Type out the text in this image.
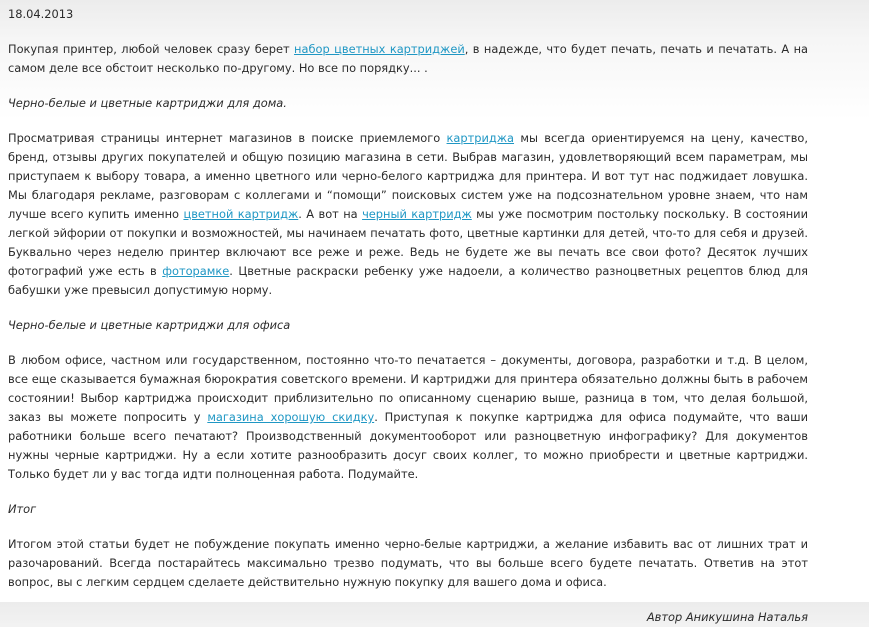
18.04.2013

Покупая принтер, любой человек сразу берет набор цветных картриджей, в надежде, что будет печать, печать и печатать. А на самом деле все обстоит несколько по-другому. Но все по порядку... .

Черно-белые и цветные картриджи для дома.

Просматривая страницы интернет магазинов в поиске приемлемого картриджа мы всегда ориентируемся на цену, качество, бренд, отзывы других покупателей и общую позицию магазина в сети. Выбрав магазин, удовлетворяющий всем параметрам, мы приступаем к выбору товара, а именно цветного или черно-белого картриджа для принтера. И вот тут нас поджидает ловушка. Мы благодаря рекламе, разговорам с коллегами и “помощи” поисковых систем уже на подсознательном уровне знаем, что нам лучше всего купить именно цветной картридж. А вот на черный картридж мы уже посмотрим постольку поскольку. В состоянии легкой эйфории от покупки и возможностей, мы начинаем печатать фото, цветные картинки для детей, что-то для себя и друзей. Буквально через неделю принтер включают все реже и реже. Ведь не будете же вы печать все свои фото? Десяток лучших фотографий уже есть в фоторамке. Цветные раскраски ребенку уже надоели, а количество разноцветных рецептов блюд для бабушки уже превысил допустимую норму.

Черно-белые и цветные картриджи для офиса

В любом офисе, частном или государственном, постоянно что-то печатается – документы, договора, разработки и т.д. В целом, все еще сказывается бумажная бюрократия советского времени. И картриджи для принтера обязательно должны быть в рабочем состоянии! Выбор картриджа происходит приблизительно по описанному сценарию выше, разница в том, что делая большой, заказ вы можете попросить у магазина хорошую скидку. Приступая к покупке картриджа для офиса подумайте, что ваши работники больше всего печатают? Производственный документооборот или разноцветную инфографику? Для документов нужны черные картриджи. Ну а если хотите разнообразить досуг своих коллег, то можно приобрести и цветные картриджи. Только будет ли у вас тогда идти полноценная работа. Подумайте.

Итог

Итогом этой статьи будет не побуждение покупать именно черно-белые картриджи, а желание избавить вас от лишних трат и разочарований. Всегда постарайтесь максимально трезво подумать, что вы больше всего будете печатать. Ответив на этот вопрос, вы с легким сердцем сделаете действительно нужную покупку для вашего дома и офиса.

Автор Аникушина Наталья
